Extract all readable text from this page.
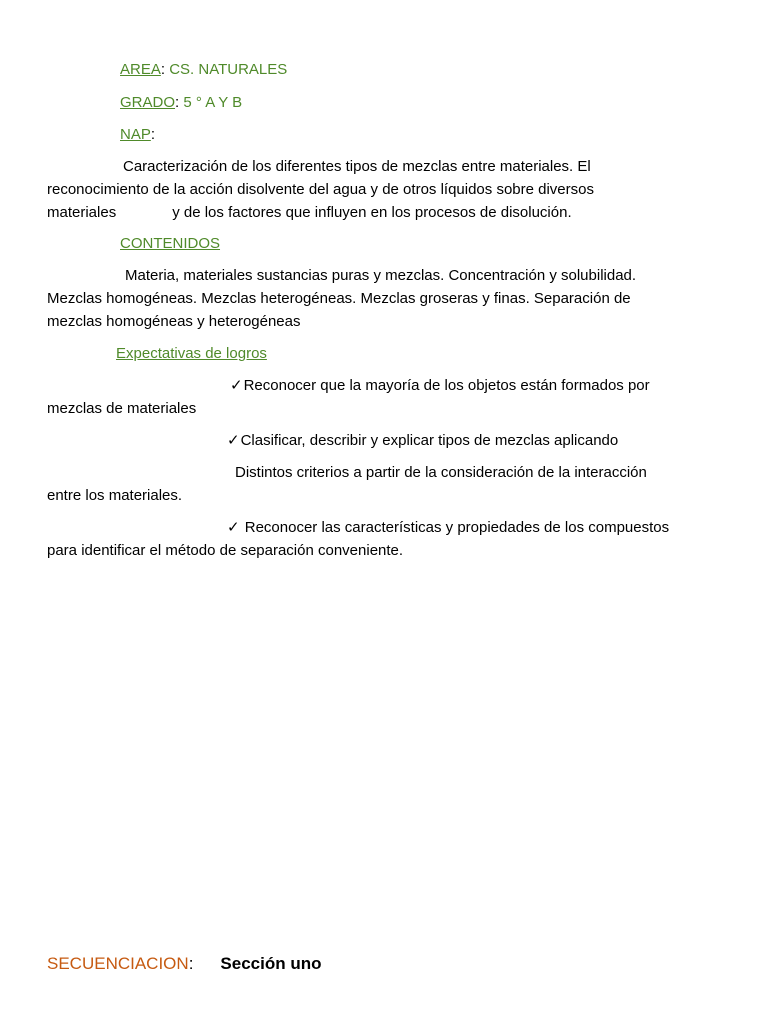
AREA: CS. NATURALES
GRADO: 5 ° A Y B
NAP:
Caracterización de los diferentes tipos de mezclas entre materiales. El
reconocimiento de la acción disolvente del agua y de otros líquidos sobre diversos
materiales	y de los factores que influyen en los procesos de disolución.
CONTENIDOS
Materia, materiales sustancias puras y mezclas. Concentración y solubilidad.
Mezclas homogéneas. Mezclas heterogéneas. Mezclas groseras y finas. Separación de
mezclas homogéneas y heterogéneas
Expectativas de logros
✓Reconocer que la mayoría de los objetos están formados por
mezclas de materiales
✓Clasificar, describir y explicar tipos de mezclas aplicando
Distintos criterios a partir de la consideración de la interacción
entre los materiales.
✓ Reconocer las características y propiedades de los compuestos
para identificar el método de separación conveniente.
SECUENCIACION: Sección uno
